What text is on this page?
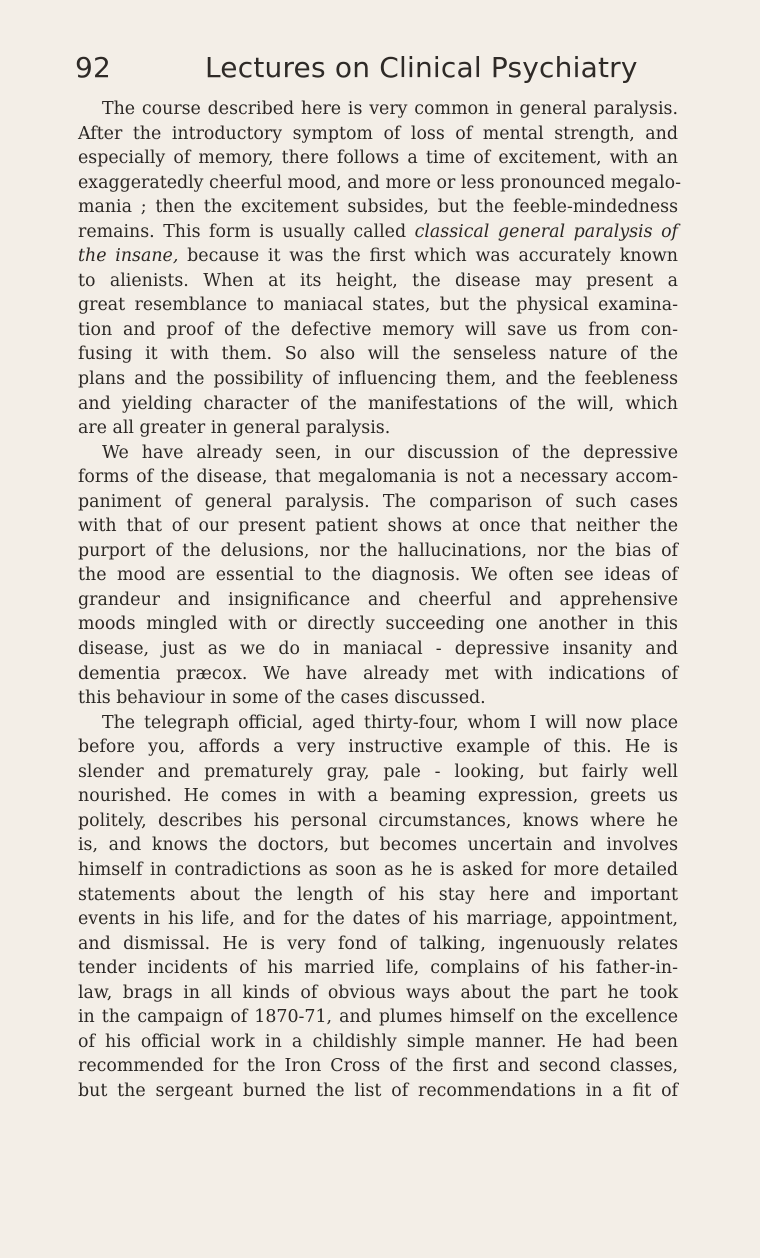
92	Lectures on Clinical Psychiatry
The course described here is very common in general paralysis.
After the introductory symptom of loss of mental strength, and
especially of memory, there follows a time of excitement, with an
exaggeratedly cheerful mood, and more or less pronounced megalo-
mania ; then the excitement subsides, but the feeble-mindedness
remains. This form is usually called classical general paralysis of
the insane, because it was the first which was accurately known
to alienists. When at its height, the disease may present a
great resemblance to maniacal states, but the physical examina-
tion and proof of the defective memory will save us from con-
fusing it with them. So also will the senseless nature of the
plans and the possibility of influencing them, and the feebleness
and yielding character of the manifestations of the will, which
are all greater in general paralysis.
We have already seen, in our discussion of the depressive
forms of the disease, that megalomania is not a necessary accom-
paniment of general paralysis. The comparison of such cases
with that of our present patient shows at once that neither the
purport of the delusions, nor the hallucinations, nor the bias of
the mood are essential to the diagnosis. We often see ideas of
grandeur and insignificance and cheerful and apprehensive
moods mingled with or directly succeeding one another in this
disease, just as we do in maniacal - depressive insanity and
dementia præcox. We have already met with indications of
this behaviour in some of the cases discussed.
The telegraph official, aged thirty-four, whom I will now place
before you, affords a very instructive example of this. He is
slender and prematurely gray, pale - looking, but fairly well
nourished. He comes in with a beaming expression, greets us
politely, describes his personal circumstances, knows where he
is, and knows the doctors, but becomes uncertain and involves
himself in contradictions as soon as he is asked for more detailed
statements about the length of his stay here and important
events in his life, and for the dates of his marriage, appointment,
and dismissal. He is very fond of talking, ingenuously relates
tender incidents of his married life, complains of his father-in-
law, brags in all kinds of obvious ways about the part he took
in the campaign of 1870-71, and plumes himself on the excellence
of his official work in a childishly simple manner. He had been
recommended for the Iron Cross of the first and second classes,
but the sergeant burned the list of recommendations in a fit of
